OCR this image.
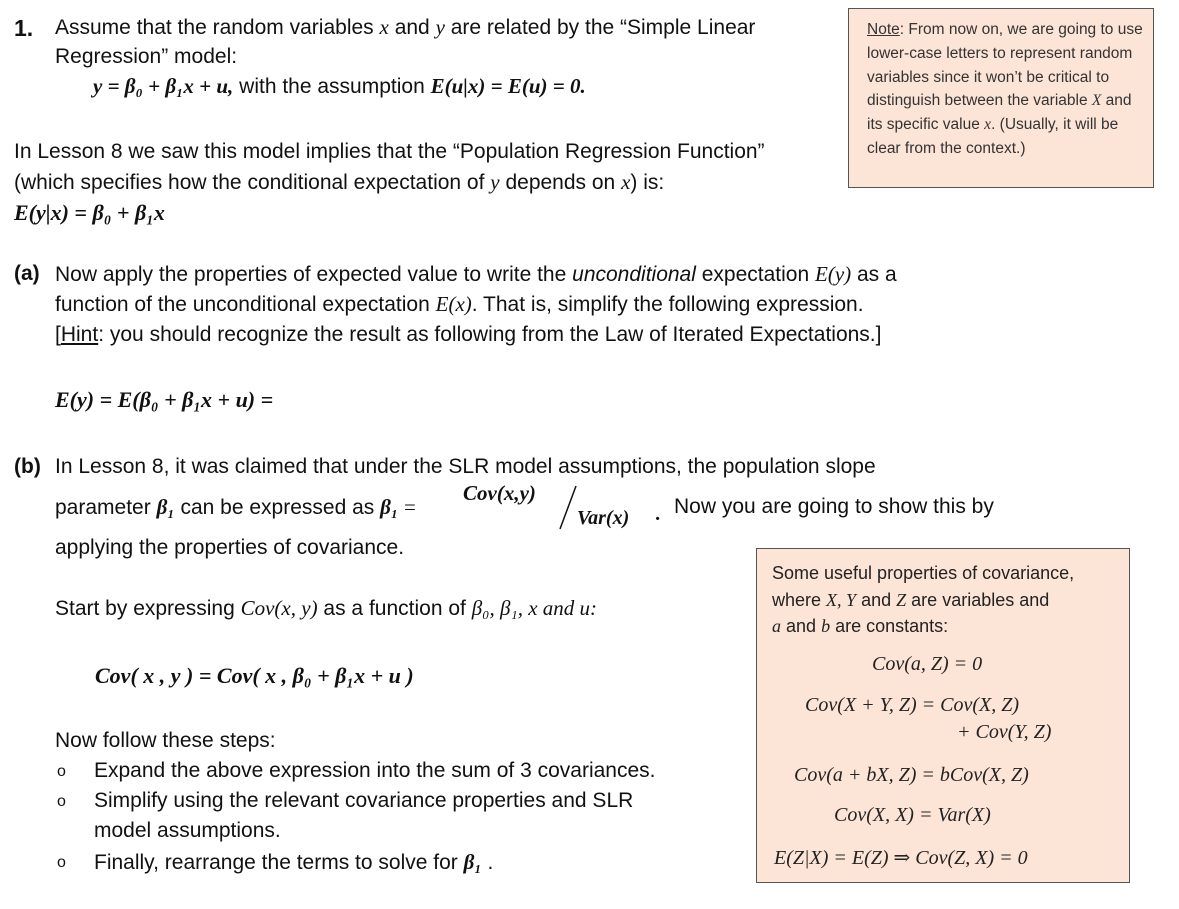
1. Assume that the random variables x and y are related by the “Simple Linear
Regression” model:
y = β₀ + β₁x + u, with the assumption E(u|x) = E(u) = 0.
In Lesson 8 we saw this model implies that the “Population Regression Function”
(which specifies how the conditional expectation of y depends on x) is:
E(y|x) = β₀ + β₁x
Note: From now on, we are going to use lower-case letters to represent random variables since it won’t be critical to distinguish between the variable X and its specific value x. (Usually, it will be clear from the context.)
(a) Now apply the properties of expected value to write the unconditional expectation E(y) as a
function of the unconditional expectation E(x). That is, simplify the following expression.
[Hint: you should recognize the result as following from the Law of Iterated Expectations.]
E(y) = E(β₀ + β₁x + u) =
(b) In Lesson 8, it was claimed that under the SLR model assumptions, the population slope
parameter β₁ can be expressed as β₁ =
Cov(x,y)
Var(x) ·
Now you are going to show this by
applying the properties of covariance.
Start by expressing Cov(x, y) as a function of β₀, β₁, x and u:
Cov( x , y ) = Cov( x , β₀ + β₁x + u )
Now follow these steps:
o Expand the above expression into the sum of 3 covariances.
o Simplify using the relevant covariance properties and SLR
model assumptions.
o Finally, rearrange the terms to solve for β₁ .
Some useful properties of covariance,
where X, Y and Z are variables and
a and b are constants:
Cov(a, Z) = 0
Cov(X + Y, Z) = Cov(X, Z)
+ Cov(Y, Z)
Cov(a + bX, Z) = bCov(X, Z)
Cov(X, X) = Var(X)
E(Z|X) = E(Z) ⇒ Cov(Z, X) = 0
